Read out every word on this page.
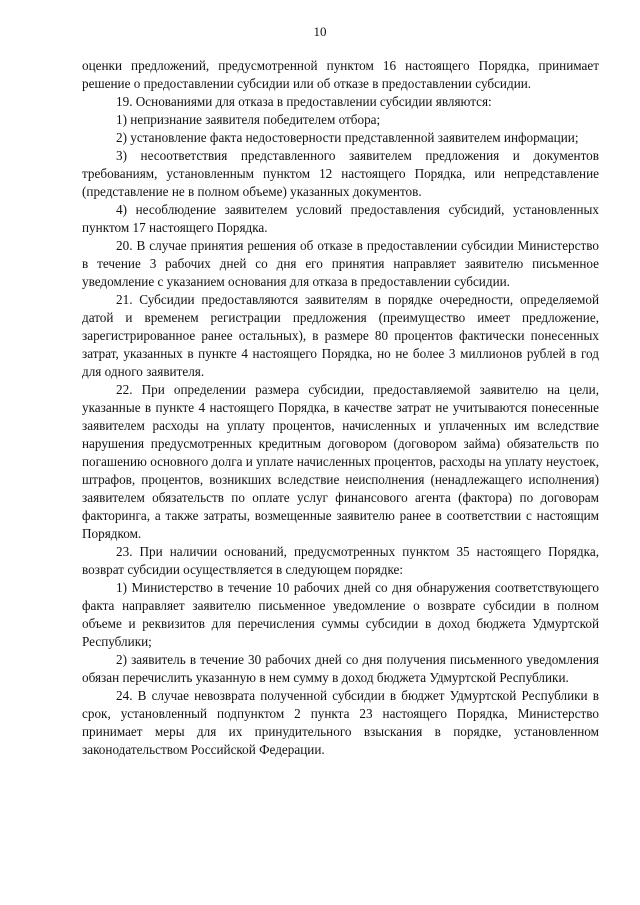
10

оценки предложений, предусмотренной пунктом 16 настоящего Порядка, принимает решение о предоставлении субсидии или об отказе в предоставлении субсидии.

19. Основаниями для отказа в предоставлении субсидии являются:

1) непризнание заявителя победителем отбора;

2) установление факта недостоверности представленной заявителем информации;

3) несоответствия представленного заявителем предложения и документов требованиям, установленным пунктом 12 настоящего Порядка, или непредставление (представление не в полном объеме) указанных документов.

4) несоблюдение заявителем условий предоставления субсидий, установленных пунктом 17 настоящего Порядка.

20. В случае принятия решения об отказе в предоставлении субсидии Министерство в течение 3 рабочих дней со дня его принятия направляет заявителю письменное уведомление с указанием основания для отказа в предоставлении субсидии.

21. Субсидии предоставляются заявителям в порядке очередности, определяемой датой и временем регистрации предложения (преимущество имеет предложение, зарегистрированное ранее остальных), в размере 80 процентов фактически понесенных затрат, указанных в пункте 4 настоящего Порядка, но не более 3 миллионов рублей в год для одного заявителя.

22. При определении размера субсидии, предоставляемой заявителю на цели, указанные в пункте 4 настоящего Порядка, в качестве затрат не учитываются понесенные заявителем расходы на уплату процентов, начисленных и уплаченных им вследствие нарушения предусмотренных кредитным договором (договором займа) обязательств по погашению основного долга и уплате начисленных процентов, расходы на уплату неустоек, штрафов, процентов, возникших вследствие неисполнения (ненадлежащего исполнения) заявителем обязательств по оплате услуг финансового агента (фактора) по договорам факторинга, а также затраты, возмещенные заявителю ранее в соответствии с настоящим Порядком.

23. При наличии оснований, предусмотренных пунктом 35 настоящего Порядка, возврат субсидии осуществляется в следующем порядке:

1) Министерство в течение 10 рабочих дней со дня обнаружения соответствующего факта направляет заявителю письменное уведомление о возврате субсидии в полном объеме и реквизитов для перечисления суммы субсидии в доход бюджета Удмуртской Республики;

2) заявитель в течение 30 рабочих дней со дня получения письменного уведомления обязан перечислить указанную в нем сумму в доход бюджета Удмуртской Республики.

24. В случае невозврата полученной субсидии в бюджет Удмуртской Республики в срок, установленный подпунктом 2 пункта 23 настоящего Порядка, Министерство принимает меры для их принудительного взыскания в порядке, установленном законодательством Российской Федерации.
